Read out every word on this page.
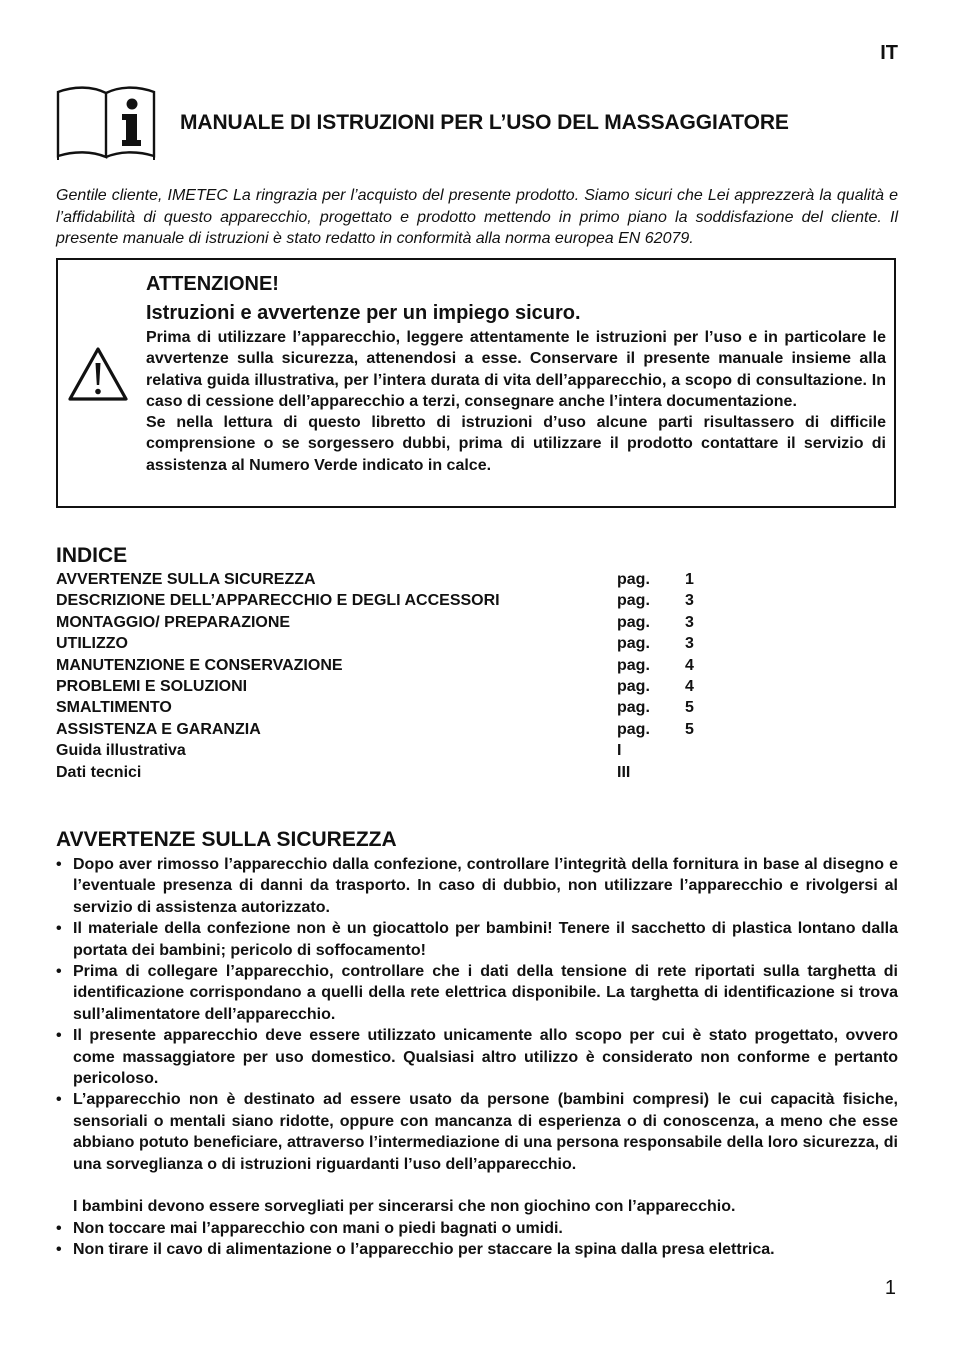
IT
MANUALE DI ISTRUZIONI PER L’USO DEL MASSAGGIATORE
Gentile cliente, IMETEC La ringrazia per l’acquisto del presente prodotto. Siamo sicuri che Lei apprezzerà la qualità e l’affidabilità di questo apparecchio, progettato e prodotto mettendo in primo piano la soddisfazione del cliente. Il presente manuale di istruzioni è stato redatto in conformità alla norma europea EN 62079.
ATTENZIONE!
Istruzioni e avvertenze per un impiego sicuro.

Prima di utilizzare l’apparecchio, leggere attentamente le istruzioni per l’uso e in particolare le avvertenze sulla sicurezza, attenendosi a esse. Conservare il presente manuale insieme alla relativa guida illustrativa, per l’intera durata di vita dell’apparecchio, a scopo di consultazione. In caso di cessione dell’apparecchio a terzi, consegnare anche l’intera documentazione.

Se nella lettura di questo libretto di istruzioni d’uso alcune parti risultassero di difficile comprensione o se sorgessero dubbi, prima di utilizzare il prodotto contattare il servizio di assistenza al Numero Verde indicato in calce.

INDICE
AVVERTENZE SULLA SICUREZZA	pag. 1
DESCRIZIONE DELL’APPARECCHIO E DEGLI ACCESSORI	pag. 3
MONTAGGIO/ PREPARAZIONE	pag. 3
UTILIZZO	pag. 3
MANUTENZIONE E CONSERVAZIONE	pag. 4
PROBLEMI E SOLUZIONI	pag. 4
SMALTIMENTO	pag. 5
ASSISTENZA E GARANZIA	pag. 5
Guida illustrativa	I
Dati tecnici	III
AVVERTENZE SULLA SICUREZZA
• Dopo aver rimosso l’apparecchio dalla confezione, controllare l’integrità della fornitura in base al disegno e l’eventuale presenza di danni da trasporto. In caso di dubbio, non utilizzare l’apparecchio e rivolgersi al servizio di assistenza autorizzato.
• Il materiale della confezione non è un giocattolo per bambini! Tenere il sacchetto di plastica lontano dalla portata dei bambini; pericolo di soffocamento!
• Prima di collegare l’apparecchio, controllare che i dati della tensione di rete riportati sulla targhetta di identificazione corrispondano a quelli della rete elettrica disponibile. La targhetta di identificazione si trova sull’alimentatore dell’apparecchio.
• Il presente apparecchio deve essere utilizzato unicamente allo scopo per cui è stato progettato, ovvero come massaggiatore per uso domestico. Qualsiasi altro utilizzo è considerato non conforme e pertanto pericoloso.
• L’apparecchio non è destinato ad essere usato da persone (bambini compresi) le cui capacità fisiche, sensoriali o mentali siano ridotte, oppure con mancanza di esperienza o di conoscenza, a meno che esse abbiano potuto beneficiare, attraverso l’intermediazione di una persona responsabile della loro sicurezza, di una sorveglianza o di istruzioni riguardanti l’uso dell’apparecchio.
I bambini devono essere sorvegliati per sincerarsi che non giochino con l’apparecchio.
• Non toccare mai l’apparecchio con mani o piedi bagnati o umidi.
• Non tirare il cavo di alimentazione o l’apparecchio per staccare la spina dalla presa elettrica.
1
